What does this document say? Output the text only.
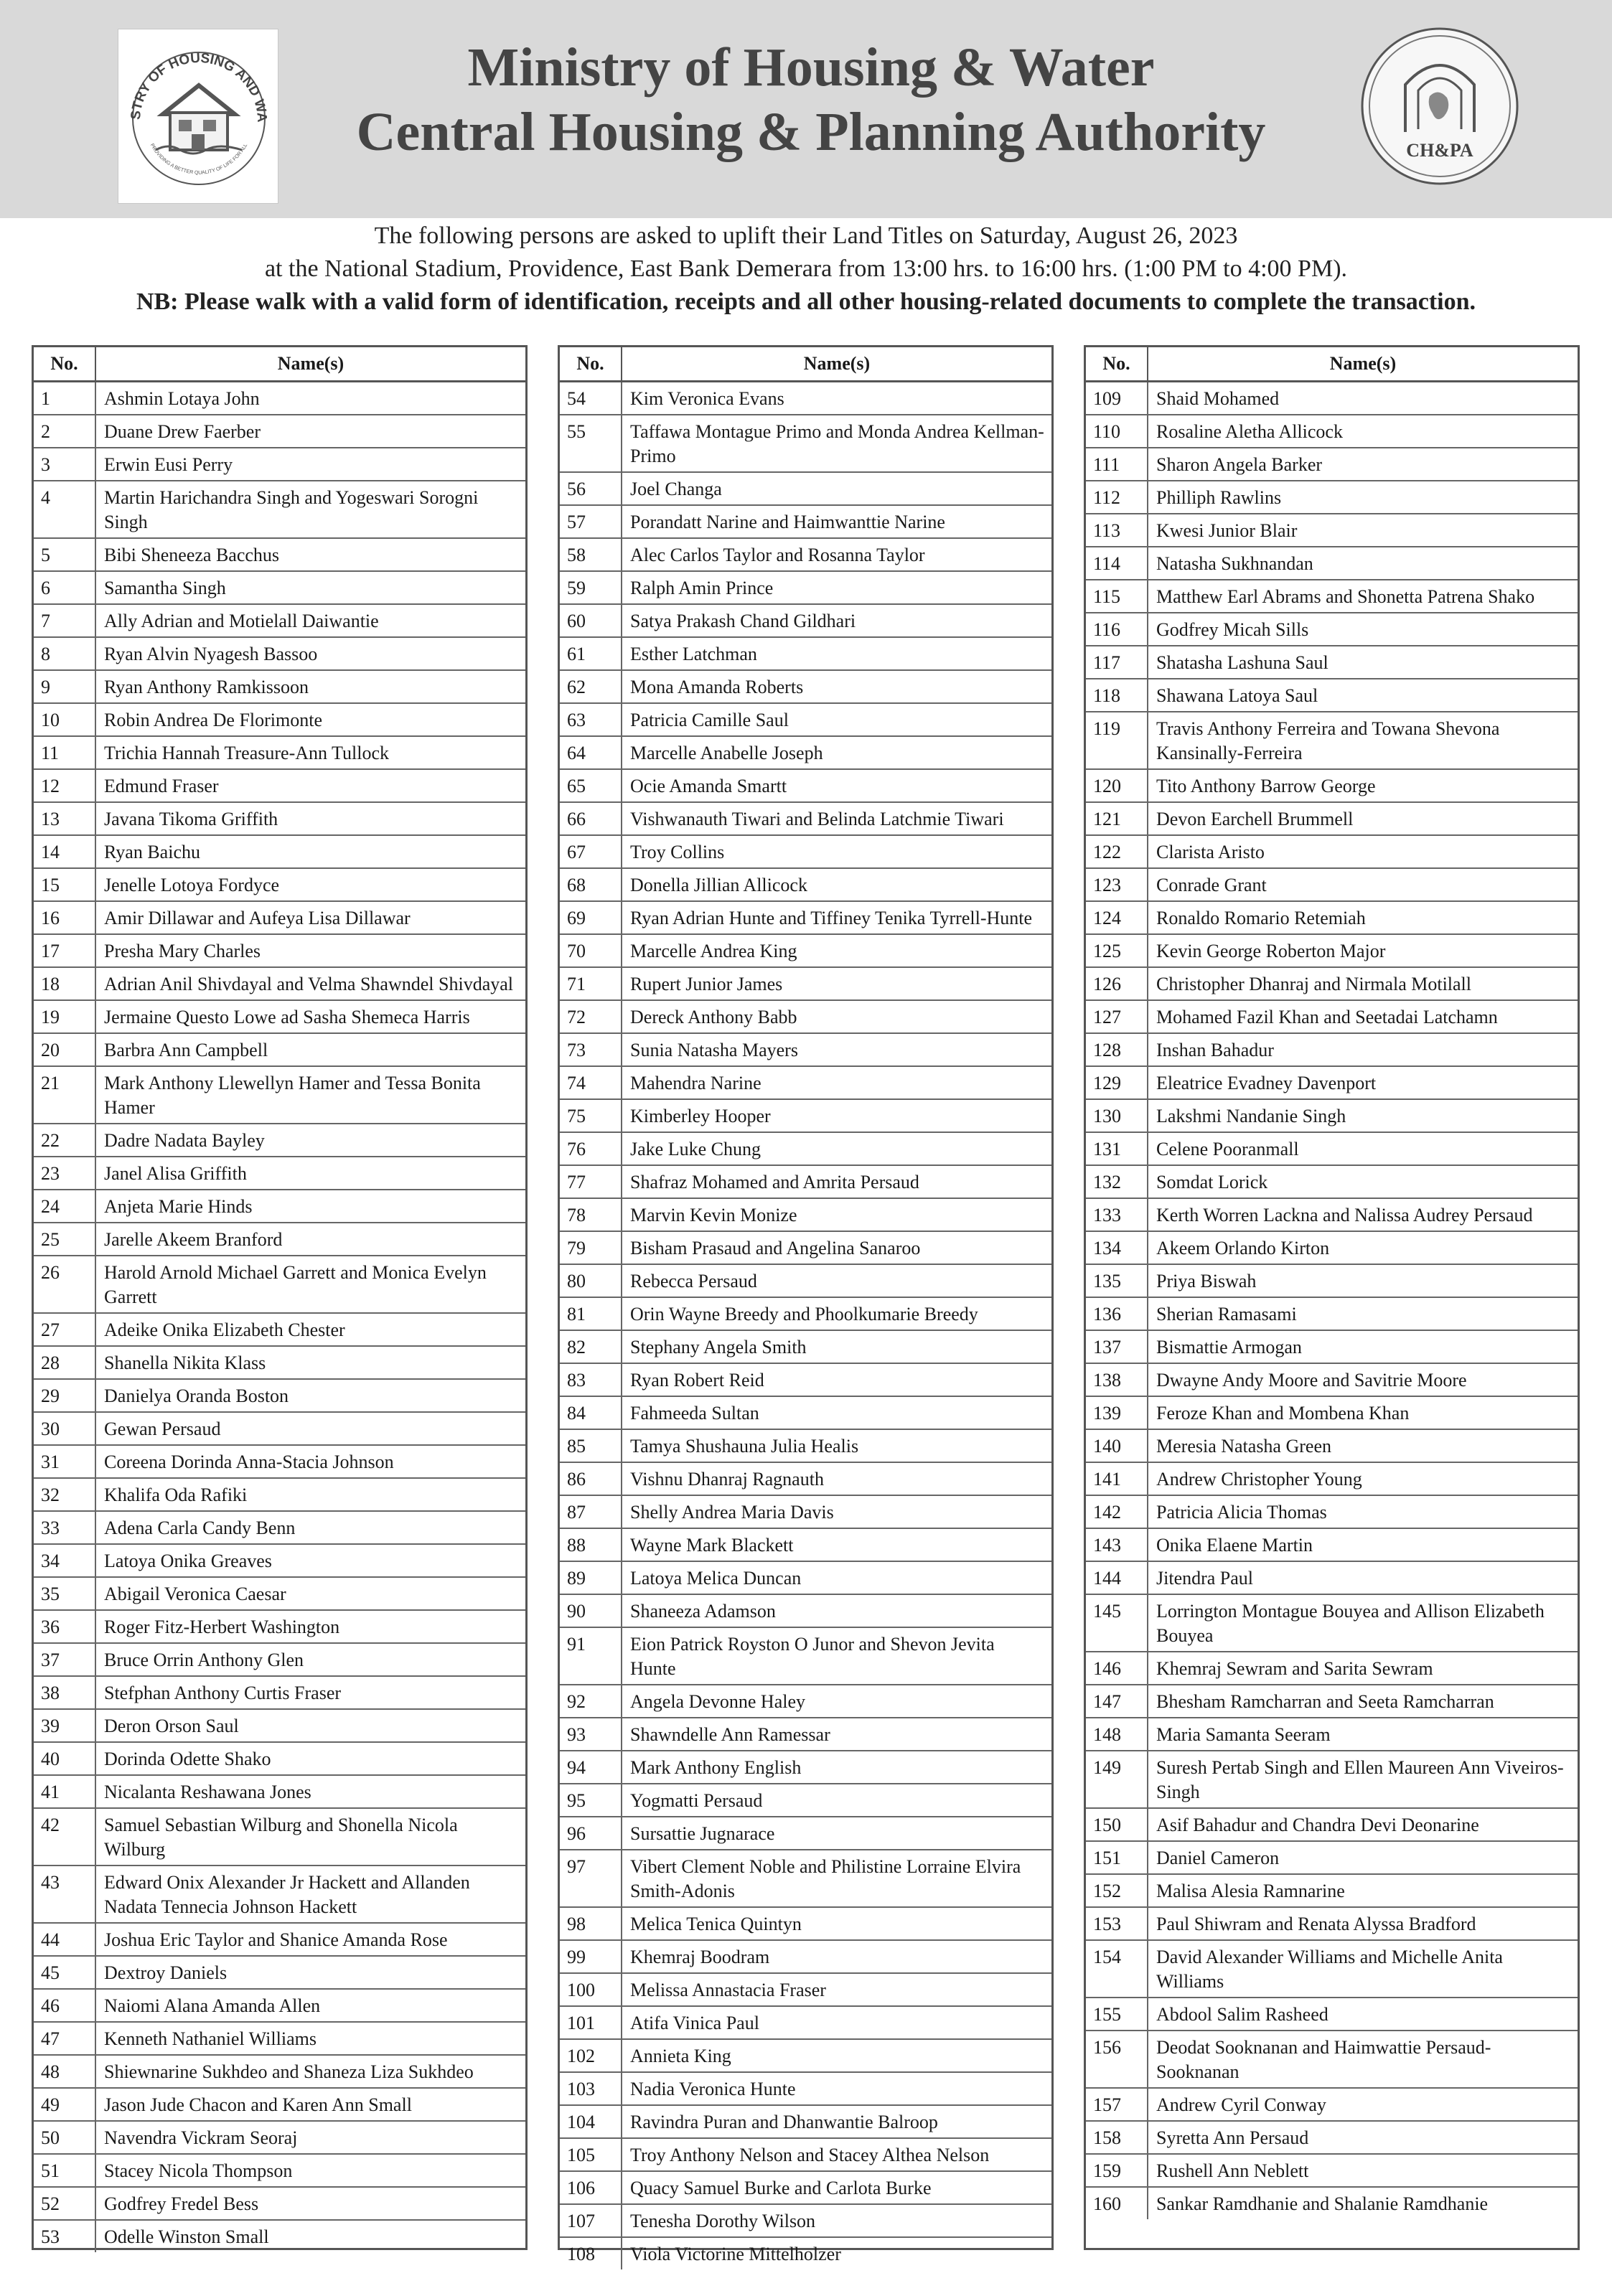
STRY OF HOUSING AND WA
PROVIDING A BETTER QUALITY OF LIFE FOR ALL
Ministry of Housing & Water
Central Housing & Planning Authority	CH&PA
The following persons are asked to uplift their Land Titles on Saturday, August 26, 2023
at the National Stadium, Providence, East Bank Demerara from 13:00 hrs. to 16:00 hrs. (1:00 PM to 4:00 PM).
NB: Please walk with a valid form of identification, receipts and all other housing-related documents to complete the transaction.
No.	Name(s)
1	Ashmin Lotaya John
2	Duane Drew Faerber
3	Erwin Eusi Perry
4	Martin Harichandra Singh and Yogeswari Sorogni Singh
5	Bibi Sheneeza Bacchus
6	Samantha Singh
7	Ally Adrian and Motielall Daiwantie
8	Ryan Alvin Nyagesh Bassoo
9	Ryan Anthony Ramkissoon
10	Robin Andrea De Florimonte
11	Trichia Hannah Treasure-Ann Tullock
12	Edmund Fraser
13	Javana Tikoma Griffith
14	Ryan Baichu
15	Jenelle Lotoya Fordyce
16	Amir Dillawar and Aufeya Lisa Dillawar
17	Presha Mary Charles
18	Adrian Anil Shivdayal and Velma Shawndel Shivdayal
19	Jermaine Questo Lowe ad Sasha Shemeca Harris
20	Barbra Ann Campbell
21	Mark Anthony Llewellyn Hamer and Tessa Bonita Hamer
22	Dadre Nadata Bayley
23	Janel Alisa Griffith
24	Anjeta Marie Hinds
25	Jarelle Akeem Branford
26	Harold Arnold Michael Garrett and Monica Evelyn Garrett
27	Adeike Onika Elizabeth Chester
28	Shanella Nikita Klass
29	Danielya Oranda Boston
30	Gewan Persaud
31	Coreena Dorinda Anna-Stacia Johnson
32	Khalifa Oda Rafiki
33	Adena Carla Candy Benn
34	Latoya Onika Greaves
35	Abigail Veronica Caesar
36	Roger Fitz-Herbert Washington
37	Bruce Orrin Anthony Glen
38	Stefphan Anthony Curtis Fraser
39	Deron Orson Saul
40	Dorinda Odette Shako
41	Nicalanta Reshawana Jones
42	Samuel Sebastian Wilburg and Shonella Nicola Wilburg
43	Edward Onix Alexander Jr Hackett and Allanden Nadata Tennecia Johnson Hackett
44	Joshua Eric Taylor and Shanice Amanda Rose
45	Dextroy Daniels
46	Naiomi Alana Amanda Allen
47	Kenneth Nathaniel Williams
48	Shiewnarine Sukhdeo and Shaneza Liza Sukhdeo
49	Jason Jude Chacon and Karen Ann Small
50	Navendra Vickram Seoraj
51	Stacey Nicola Thompson
52	Godfrey Fredel Bess
53	Odelle Winston Small
No.	Name(s)
54	Kim Veronica Evans
55	Taffawa Montague Primo and Monda Andrea Kellman-Primo
56	Joel Changa
57	Porandatt Narine and Haimwanttie Narine
58	Alec Carlos Taylor and Rosanna Taylor
59	Ralph Amin Prince
60	Satya Prakash Chand Gildhari
61	Esther Latchman
62	Mona Amanda Roberts
63	Patricia Camille Saul
64	Marcelle Anabelle Joseph
65	Ocie Amanda Smartt
66	Vishwanauth Tiwari and Belinda Latchmie Tiwari
67	Troy Collins
68	Donella Jillian Allicock
69	Ryan Adrian Hunte and Tiffiney Tenika Tyrrell-Hunte
70	Marcelle Andrea King
71	Rupert Junior James
72	Dereck Anthony Babb
73	Sunia Natasha Mayers
74	Mahendra Narine
75	Kimberley Hooper
76	Jake Luke Chung
77	Shafraz Mohamed and Amrita Persaud
78	Marvin Kevin Monize
79	Bisham Prasaud and Angelina Sanaroo
80	Rebecca Persaud
81	Orin Wayne Breedy and Phoolkumarie Breedy
82	Stephany Angela Smith
83	Ryan Robert Reid
84	Fahmeeda Sultan
85	Tamya Shushauna Julia Healis
86	Vishnu Dhanraj Ragnauth
87	Shelly Andrea Maria Davis
88	Wayne Mark Blackett
89	Latoya Melica Duncan
90	Shaneeza Adamson
91	Eion Patrick Royston O Junor and Shevon Jevita Hunte
92	Angela Devonne Haley
93	Shawndelle Ann Ramessar
94	Mark Anthony English
95	Yogmatti Persaud
96	Sursattie Jugnarace
97	Vibert Clement Noble and Philistine Lorraine Elvira Smith-Adonis
98	Melica Tenica Quintyn
99	Khemraj Boodram
100	Melissa Annastacia Fraser
101	Atifa Vinica Paul
102	Annieta King
103	Nadia Veronica Hunte
104	Ravindra Puran and Dhanwantie Balroop
105	Troy Anthony Nelson and Stacey Althea Nelson
106	Quacy Samuel Burke and Carlota Burke
107	Tenesha Dorothy Wilson
108	Viola Victorine Mittelholzer
No.	Name(s)
109	Shaid Mohamed
110	Rosaline Aletha Allicock
111	Sharon Angela Barker
112	Philliph Rawlins
113	Kwesi Junior Blair
114	Natasha Sukhnandan
115	Matthew Earl Abrams and Shonetta Patrena Shako
116	Godfrey Micah Sills
117	Shatasha Lashuna Saul
118	Shawana Latoya Saul
119	Travis Anthony Ferreira and Towana Shevona Kansinally-Ferreira
120	Tito Anthony Barrow George
121	Devon Earchell Brummell
122	Clarista Aristo
123	Conrade Grant
124	Ronaldo Romario Retemiah
125	Kevin George Roberton Major
126	Christopher Dhanraj and Nirmala Motilall
127	Mohamed Fazil Khan and Seetadai Latchamn
128	Inshan Bahadur
129	Eleatrice Evadney Davenport
130	Lakshmi Nandanie Singh
131	Celene Pooranmall
132	Somdat Lorick
133	Kerth Worren Lackna and Nalissa Audrey Persaud
134	Akeem Orlando Kirton
135	Priya Biswah
136	Sherian Ramasami
137	Bismattie Armogan
138	Dwayne Andy Moore and Savitrie Moore
139	Feroze Khan and Mombena Khan
140	Meresia Natasha Green
141	Andrew Christopher Young
142	Patricia Alicia Thomas
143	Onika Elaene Martin
144	Jitendra Paul
145	Lorrington Montague Bouyea and Allison Elizabeth Bouyea
146	Khemraj Sewram and Sarita Sewram
147	Bhesham Ramcharran and Seeta Ramcharran
148	Maria Samanta Seeram
149	Suresh Pertab Singh and Ellen Maureen Ann Viveiros- Singh
150	Asif Bahadur and Chandra Devi Deonarine
151	Daniel Cameron
152	Malisa Alesia Ramnarine
153	Paul Shiwram and Renata Alyssa Bradford
154	David Alexander Williams and Michelle Anita Williams
155	Abdool Salim Rasheed
156	Deodat Sooknanan and Haimwattie Persaud-Sooknanan
157	Andrew Cyril Conway
158	Syretta Ann Persaud
159	Rushell Ann Neblett
160	Sankar Ramdhanie and Shalanie Ramdhanie
